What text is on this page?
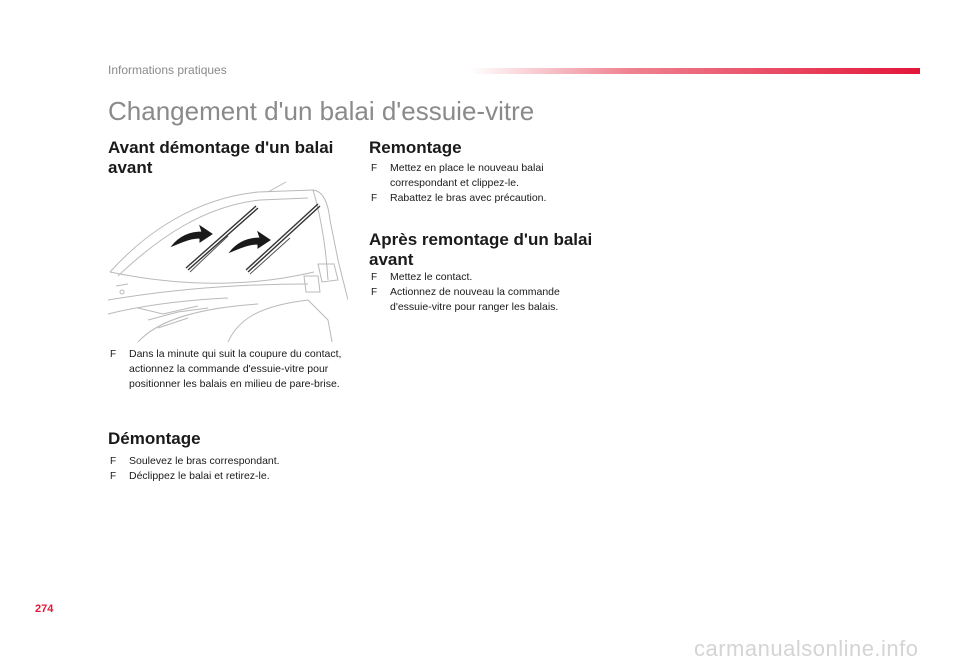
Informations pratiques
Changement d'un balai d'essuie-vitre
Avant démontage d'un balai avant
F Dans la minute qui suit la coupure du contact, actionnez la commande d'essuie-vitre pour positionner les balais en milieu de pare-brise.
Démontage
F Soulevez le bras correspondant.
F Déclippez le balai et retirez-le.
Remontage
F Mettez en place le nouveau balai correspondant et clippez-le.
F Rabattez le bras avec précaution.
Après remontage d'un balai avant
F Mettez le contact.
F Actionnez de nouveau la commande d'essuie-vitre pour ranger les balais.
274
carmanualsonline.info
